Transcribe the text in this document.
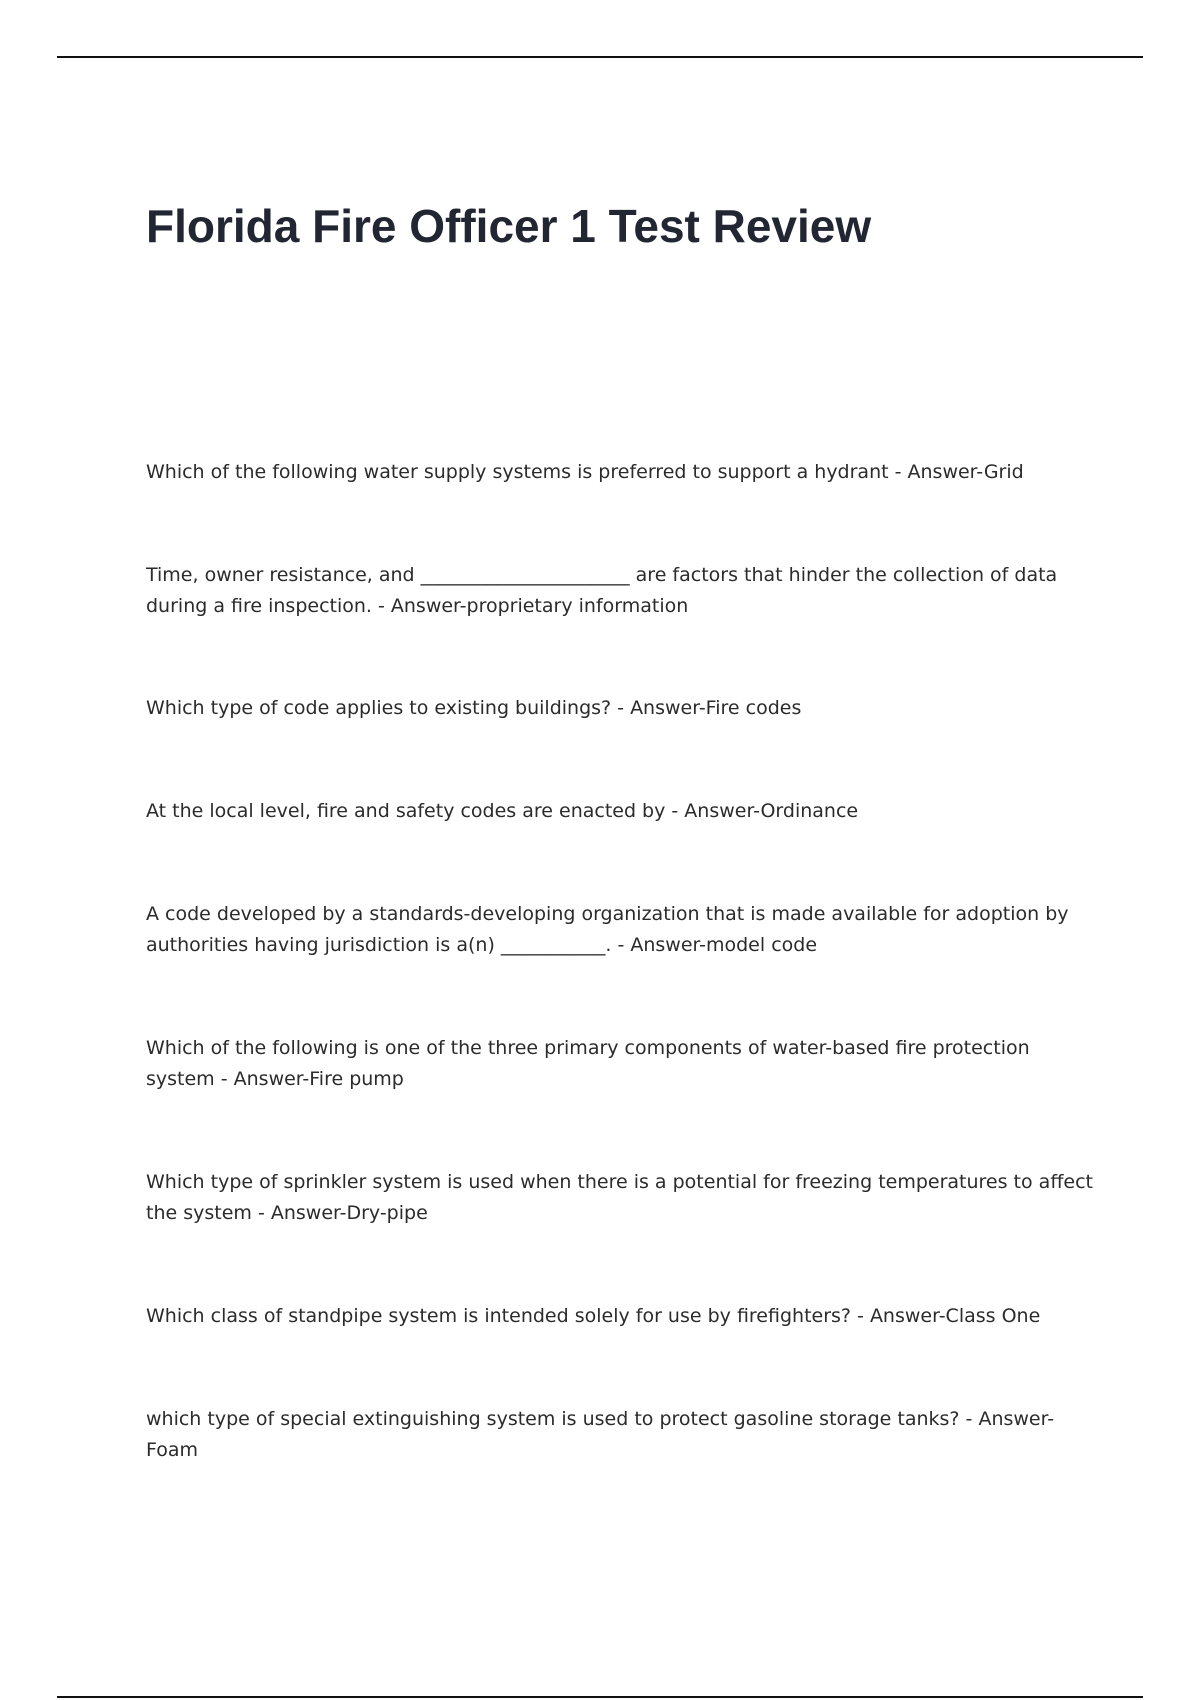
Florida Fire Officer 1 Test Review

Which of the following water supply systems is preferred to support a hydrant - Answer-Grid

Time, owner resistance, and ______________________ are factors that hinder the collection of data during a fire inspection. - Answer-proprietary information

Which type of code applies to existing buildings? - Answer-Fire codes

At the local level, fire and safety codes are enacted by - Answer-Ordinance

A code developed by a standards-developing organization that is made available for adoption by authorities having jurisdiction is a(n) ___________. - Answer-model code

Which of the following is one of the three primary components of water-based fire protection system - Answer-Fire pump

Which type of sprinkler system is used when there is a potential for freezing temperatures to affect the system - Answer-Dry-pipe

Which class of standpipe system is intended solely for use by firefighters? - Answer-Class One

which type of special extinguishing system is used to protect gasoline storage tanks? - Answer-Foam
